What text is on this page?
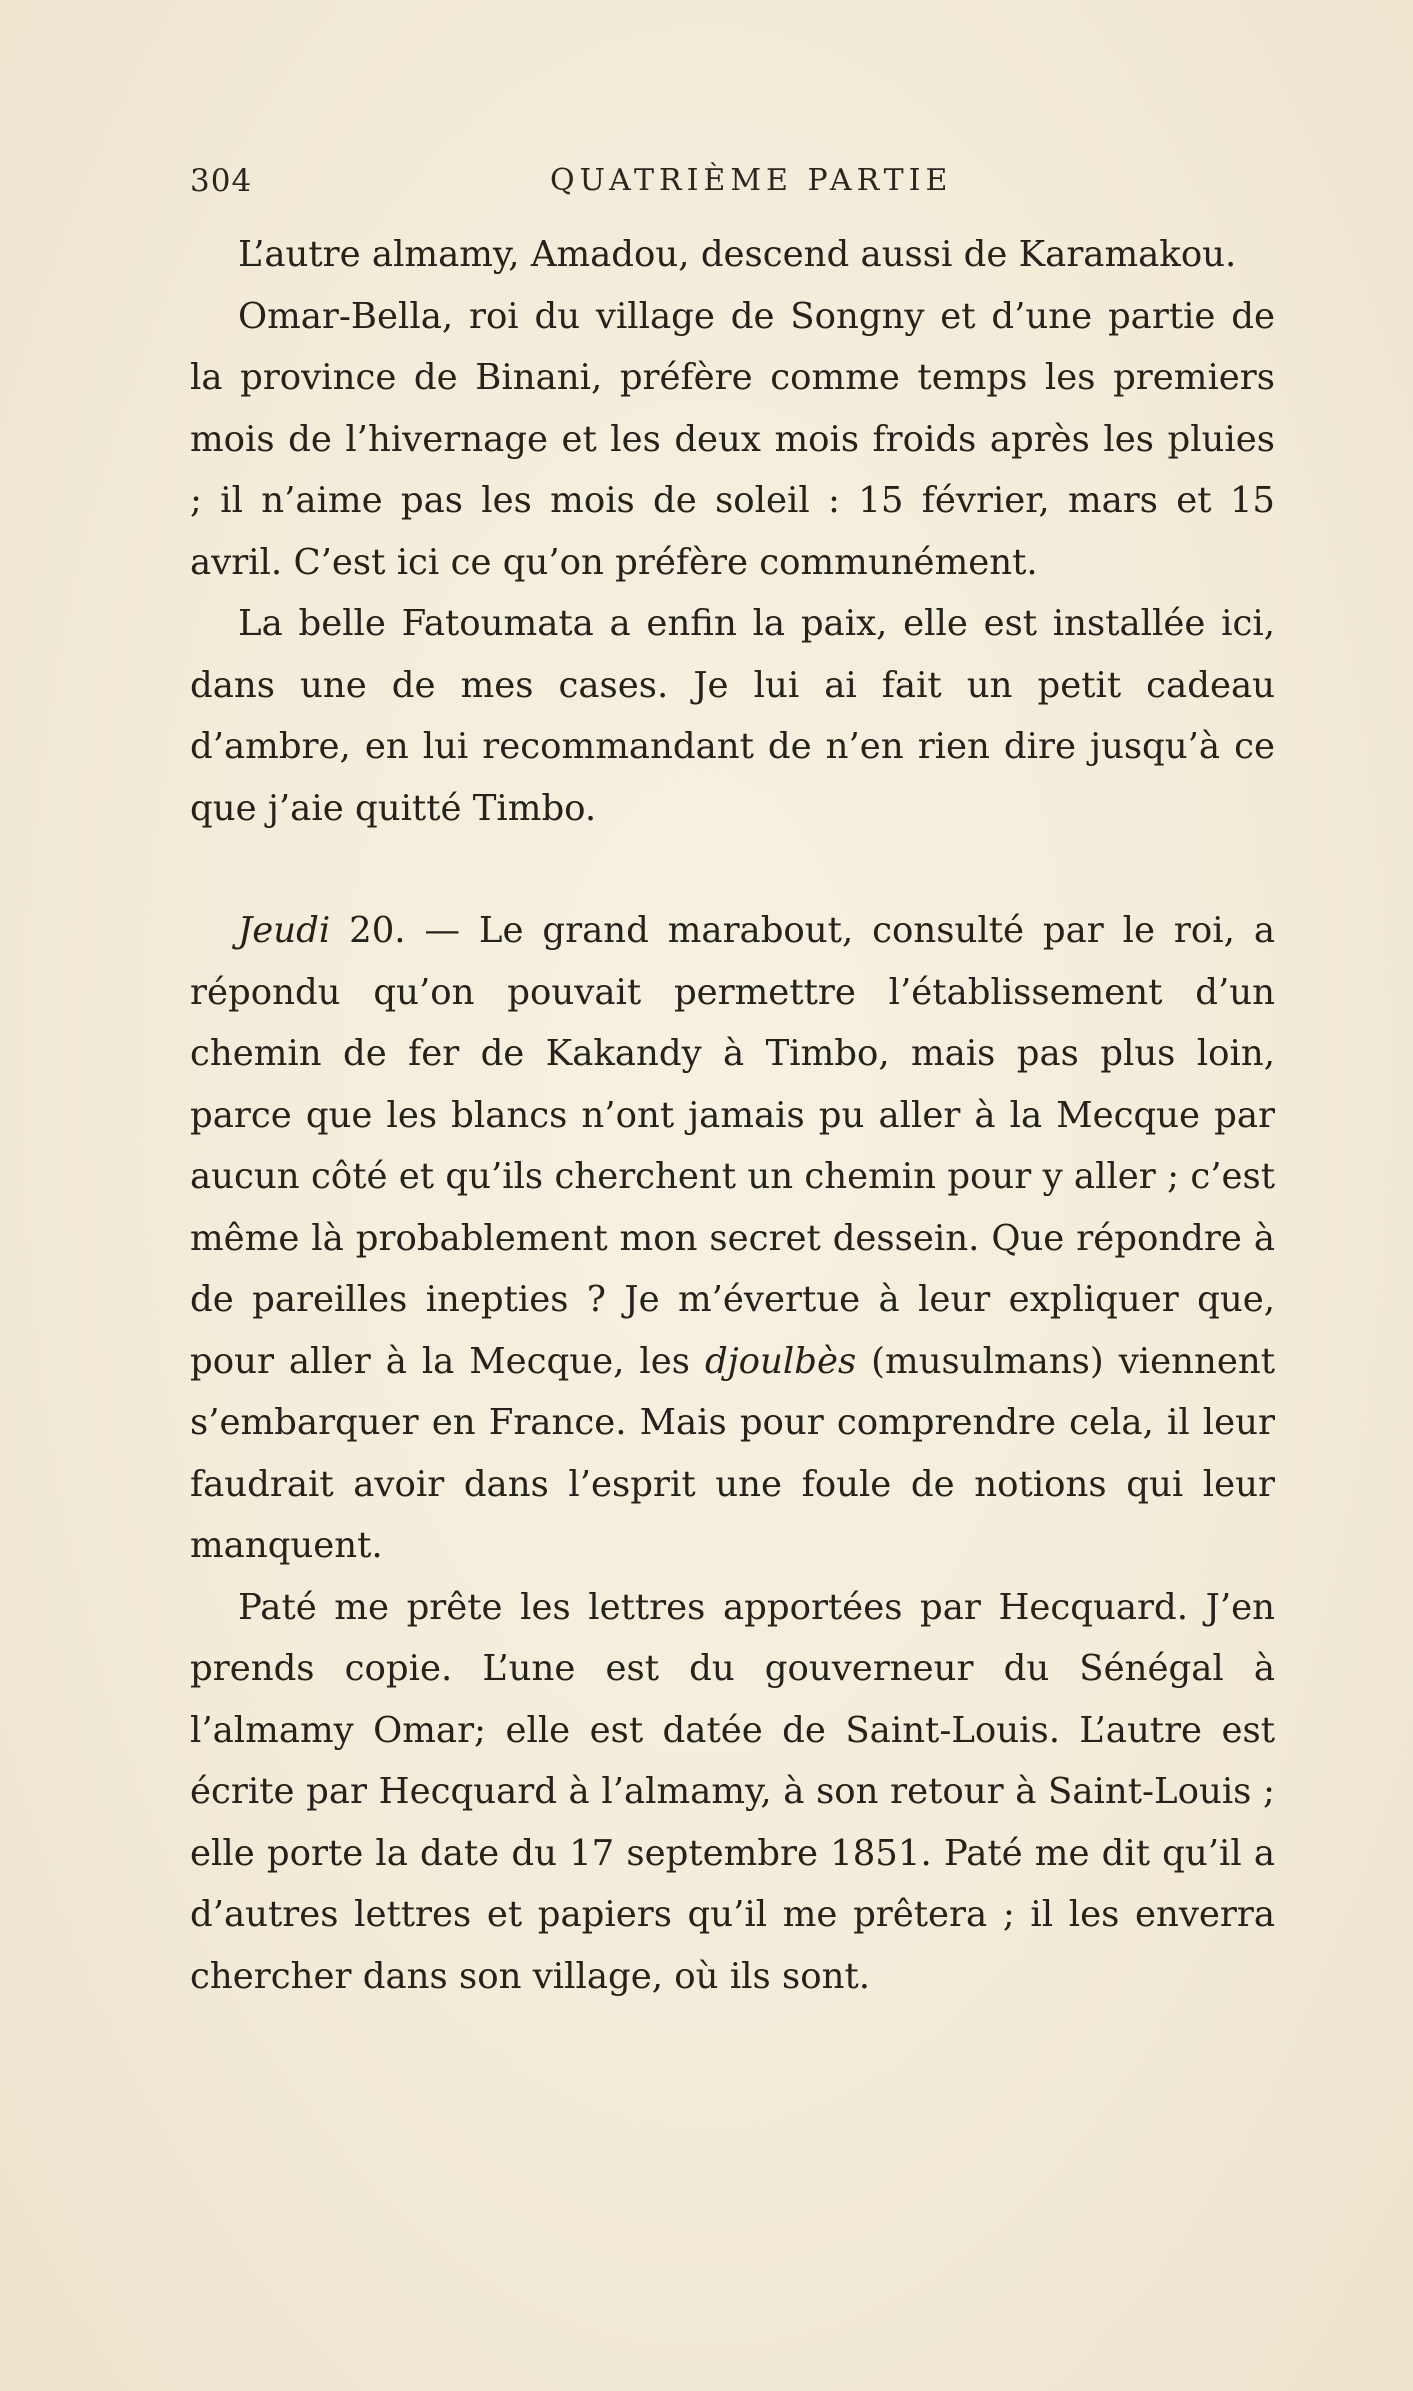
304	QUATRIÈME PARTIE

L’autre almamy, Amadou, descend aussi de Karamakou.

Omar-Bella, roi du village de Songny et d’une partie de la province de Binani, préfère comme temps les premiers mois de l’hivernage et les deux mois froids après les pluies ; il n’aime pas les mois de soleil : 15 février, mars et 15 avril. C’est ici ce qu’on préfère communément.

La belle Fatoumata a enfin la paix, elle est installée ici, dans une de mes cases. Je lui ai fait un petit cadeau d’ambre, en lui recommandant de n’en rien dire jusqu’à ce que j’aie quitté Timbo.

Jeudi 20. — Le grand marabout, consulté par le roi, a répondu qu’on pouvait permettre l’établissement d’un chemin de fer de Kakandy à Timbo, mais pas plus loin, parce que les blancs n’ont jamais pu aller à la Mecque par aucun côté et qu’ils cherchent un chemin pour y aller ; c’est même là probablement mon secret dessein. Que répondre à de pareilles inepties ? Je m’évertue à leur expliquer que, pour aller à la Mecque, les djoulbès (musulmans) viennent s’embarquer en France. Mais pour comprendre cela, il leur faudrait avoir dans l’esprit une foule de notions qui leur manquent.

Paté me prête les lettres apportées par Hecquard. J’en prends copie. L’une est du gouverneur du Sénégal à l’almamy Omar; elle est datée de Saint-Louis. L’autre est écrite par Hecquard à l’almamy, à son retour à Saint-Louis ; elle porte la date du 17 septembre 1851. Paté me dit qu’il a d’autres lettres et papiers qu’il me prêtera ; il les enverra chercher dans son village, où ils sont.
